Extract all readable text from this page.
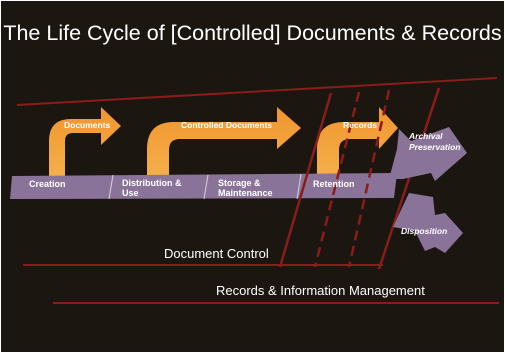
The Life Cycle of [Controlled] Documents & Records
Creation	Distribution & Use
Storage & Maintenance
Retention
Documents	Controlled Documents	Records
Archival Preservation
Disposition
Document Control
Records & Information Management
